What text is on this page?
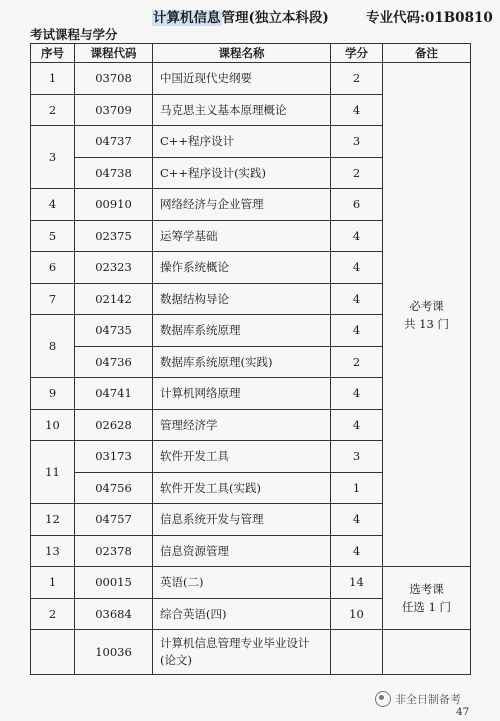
计算机信息管理(独立本科段)	专业代码:01B0810
考试课程与学分
序号	课程代码	课程名称	学分	备注
1	03708	中国近现代史纲要	2	必考课
共 13 门

2	03709	马克思主义基本原理概论	4	
3	04737	C++程序设计	3	
	04738	C++程序设计(实践)	2	
4	00910	网络经济与企业管理	6	
5	02375	运筹学基础	4	
6	02323	操作系统概论	4	
7	02142	数据结构导论	4	
8	04735	数据库系统原理	4	
	04736	数据库系统原理(实践)	2	
9	04741	计算机网络原理	4	
10	02628	管理经济学	4	
11	03173	软件开发工具	3	
	04756	软件开发工具(实践)	1	
12	04757	信息系统开发与管理	4	
13	02378	信息资源管理	4	
1	00015	英语(二)	14	选考课
任选 1 门

2	03684	综合英语(四)	10	
	10036	计算机信息管理专业毕业设计
(论文)		

非全日制备考
47
